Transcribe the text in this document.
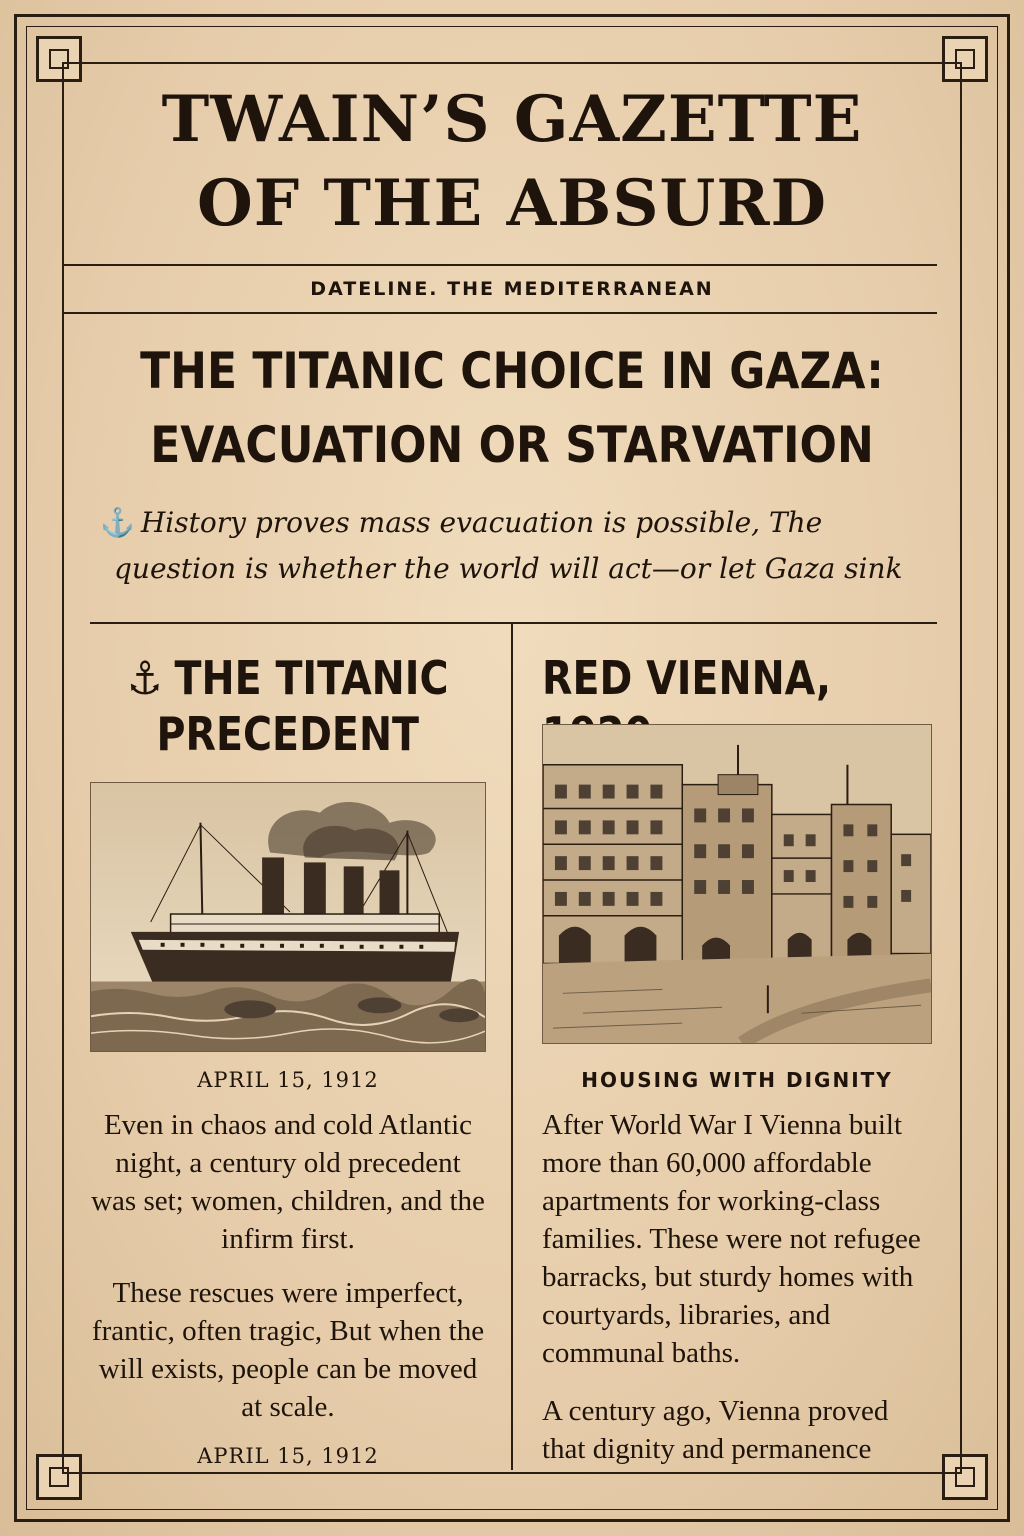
TWAIN’S GAZETTE
OF THE ABSURD
DATELINE. THE MEDITERRANEAN
THE TITANIC CHOICE IN GAZA:
EVACUATION OR STARVATION
⚓ History proves mass evacuation is possible, The
question is whether the world will act—or let Gaza sink
⚓ THE TITANIC
PRECEDENT
APRIL 15, 1912
Even in chaos and cold Atlantic night, a century old precedent was set; women, children, and the infirm first.
These rescues were imperfect, frantic, often tragic, But when the will exists, people can be moved at scale.
APRIL 15, 1912
RED VIENNA,
HOUSING WITH DIGNITY
After World War I Vienna built more than 60,000 affordable apartments for working-class families. These were not refugee barracks, but sturdy homes with courtyards, libraries, and communal baths.
A century ago, Vienna proved that dignity and permanence
